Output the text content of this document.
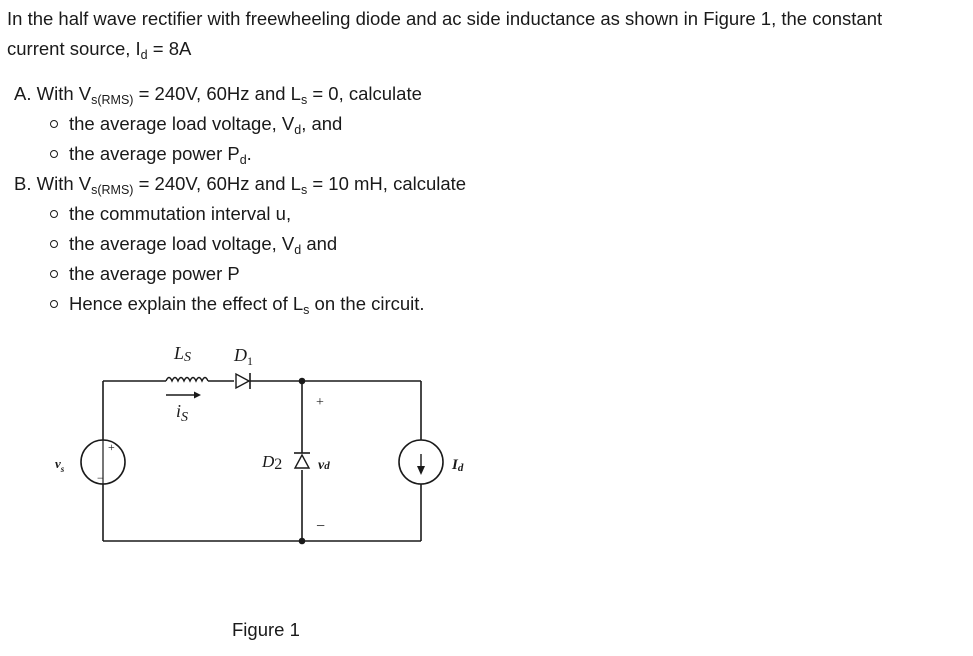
In the half wave rectifier with freewheeling diode and ac side inductance as shown in Figure 1, the constant
current source, $I_d = 8A$
A. With $V_{s(RMS)} = 240V$, 60Hz and $L_s = 0$, calculate
the average load voltage, $V_d$, and
the average power $P_d$.
B. With $V_{s(RMS)} = 240V$, 60Hz and $L_s = 10$ mH, calculate
the commutation interval u,
the average load voltage, $V_d$ and
the average power P
Hence explain the effect of $L_s$ on the circuit.
LS $D_1$
$i_S$
D2	vd
$v_s$	Id
+
−
+
−
Figure 1
